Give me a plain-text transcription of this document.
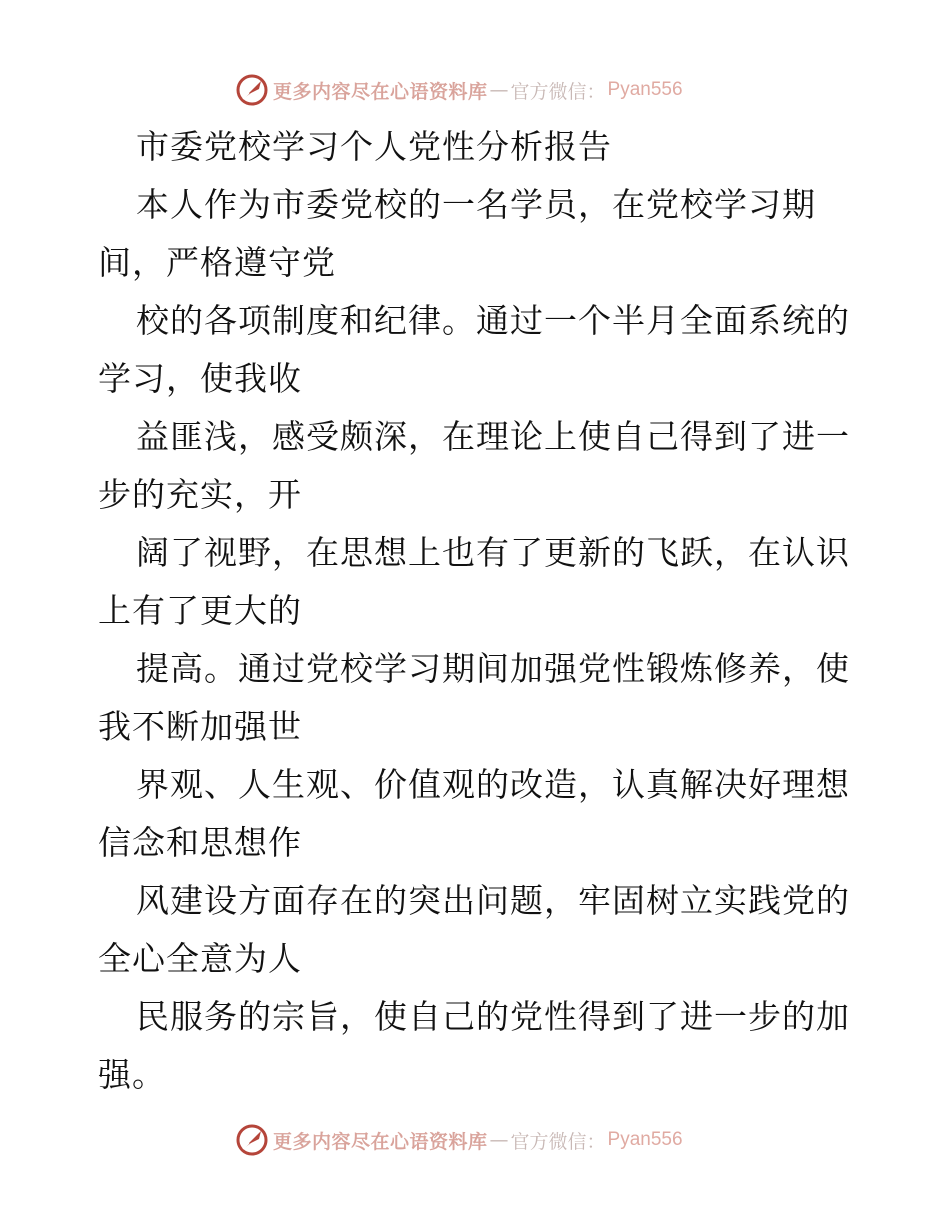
更多内容尽在心语资料库 — 官方微信： Pyan556
市委党校学习个人党性分析报告
本人作为市委党校的一名学员，在党校学习期
间，严格遵守党
校的各项制度和纪律。通过一个半月全面系统的
学习，使我收
益匪浅，感受颇深，在理论上使自己得到了进一
步的充实，开
阔了视野，在思想上也有了更新的飞跃，在认识
上有了更大的
提高。通过党校学习期间加强党性锻炼修养，使
我不断加强世
界观、人生观、价值观的改造，认真解决好理想
信念和思想作
风建设方面存在的突出问题，牢固树立实践党的
全心全意为人
民服务的宗旨，使自己的党性得到了进一步的加
强。
更多内容尽在心语资料库 — 官方微信： Pyan556
